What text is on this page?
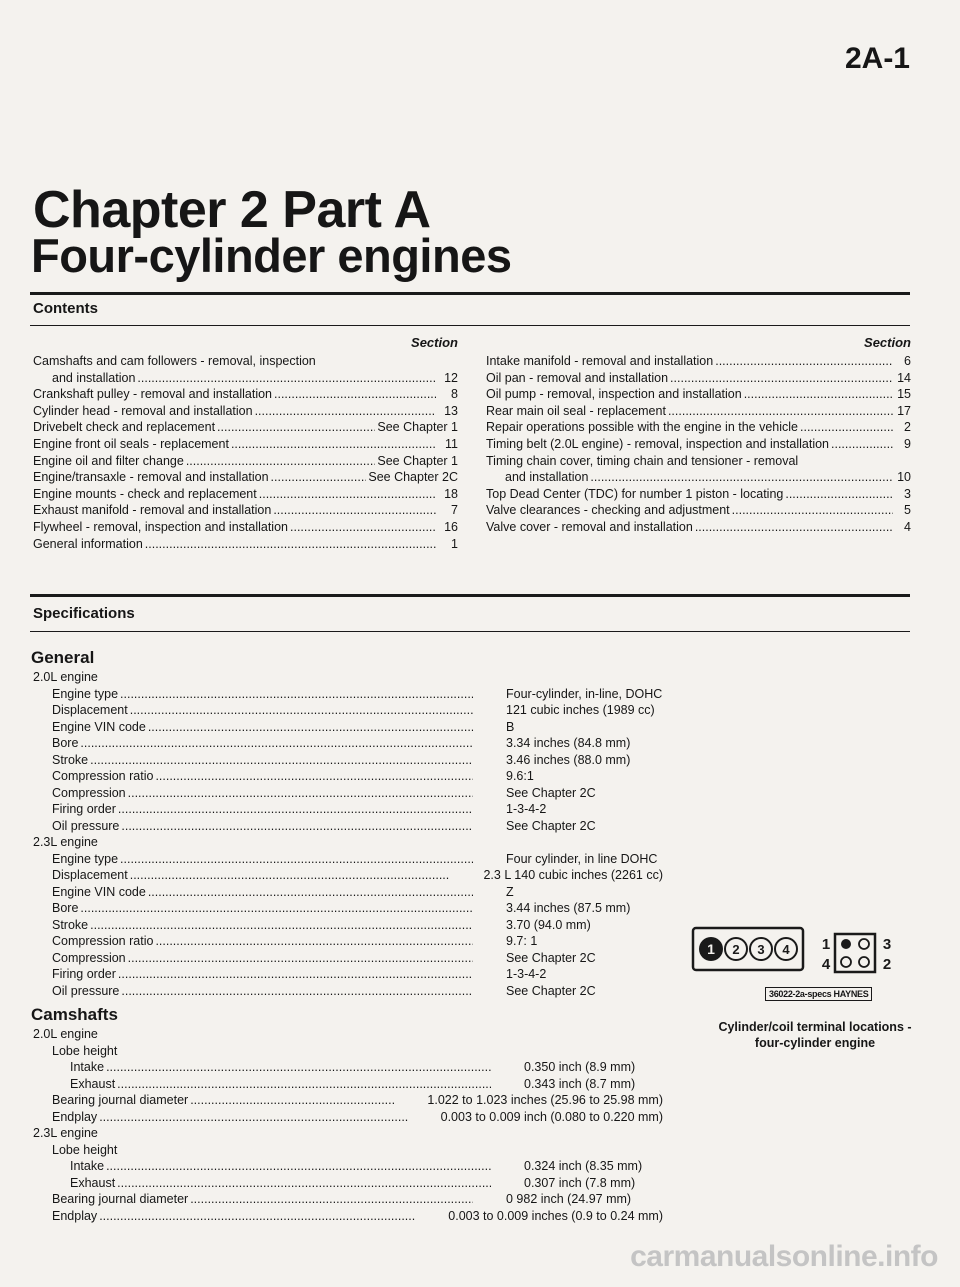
2A-1
Chapter 2 Part A
Four-cylinder engines
Contents
Section	Section
Camshafts and cam followers - removal, inspection
and installation .....	12
Crankshaft pulley - removal and installation .....	8
Cylinder head - removal and installation .....	13
Drivebelt check and replacement .....	See Chapter 1
Engine front oil seals - replacement .....	11
Engine oil and filter change .....	See Chapter 1
Engine/transaxle - removal and installation .....	See Chapter 2C
Engine mounts - check and replacement .....	18
Exhaust manifold - removal and installation .....	7
Flywheel - removal, inspection and installation .....	16
General information .....	1
Intake manifold - removal and installation .....	6
Oil pan - removal and installation .....	14
Oil pump - removal, inspection and installation .....	15
Rear main oil seal - replacement .....	17
Repair operations possible with the engine in the vehicle .....	2
Timing belt (2.0L engine) - removal, inspection and installation .....	9
Timing chain cover, timing chain and tensioner - removal
and installation .....	10
Top Dead Center (TDC) for number 1 piston - locating .....	3
Valve clearances - checking and adjustment .....	5
Valve cover - removal and installation .....	4
Specifications
General
2.0L engine
Engine type .....	Four-cylinder, in-line, DOHC
Displacement .....	121 cubic inches (1989 cc)
Engine VIN code .....	B
Bore .....	3.34 inches (84.8 mm)
Stroke .....	3.46 inches (88.0 mm)
Compression ratio .....	9.6:1
Compression .....	See Chapter 2C
Firing order .....	1-3-4-2
Oil pressure .....	See Chapter 2C
2.3L engine
Engine type .....	Four cylinder, in line DOHC
Displacement .....	2.3 L 140 cubic inches (2261 cc)
Engine VIN code .....	Z
Bore .....	3.44 inches (87.5 mm)
Stroke .....	3.70 (94.0 mm)
Compression ratio .....	9.7: 1
Compression .....	See Chapter 2C
Firing order .....	1-3-4-2
Oil pressure .....	See Chapter 2C
Camshafts
2.0L engine
Lobe height
Intake .....	0.350 inch (8.9 mm)
Exhaust .....	0.343 inch (8.7 mm)
Bearing journal diameter .....	1.022 to 1.023 inches (25.96 to 25.98 mm)
Endplay .....	0.003 to 0.009 inch (0.080 to 0.220 mm)
2.3L engine
Lobe height
Intake .....	0.324 inch (8.35 mm)
Exhaust .....	0.307 inch (7.8 mm)
Bearing journal diameter .....	0 982 inch (24.97 mm)
Endplay .....	0.003 to 0.009 inches (0.9 to 0.24 mm)
1 2 3 4 1
4
3
2
36022-2a-specs HAYNES
Cylinder/coil terminal locations -
four-cylinder engine
carmanualsonline.info
